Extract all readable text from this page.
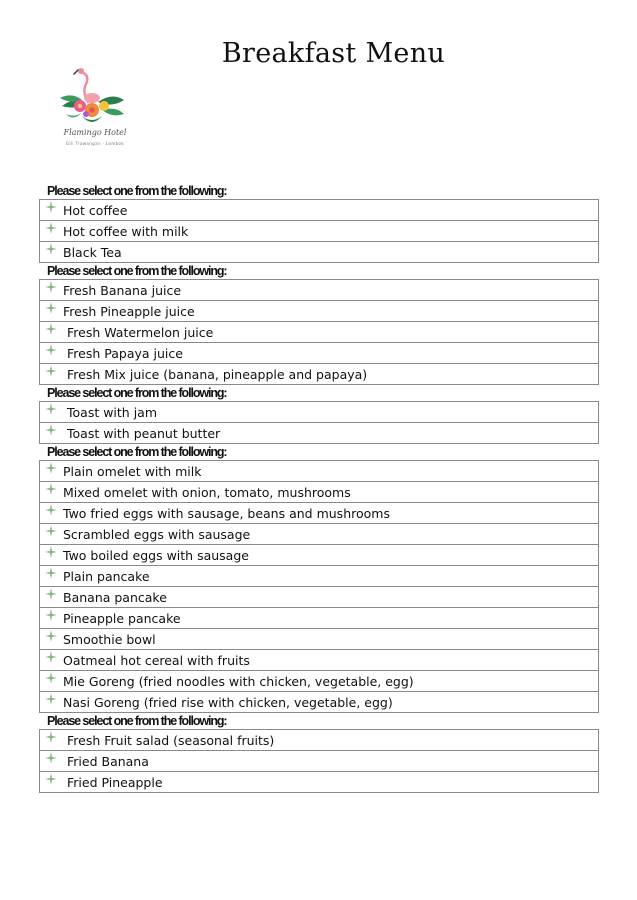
Breakfast Menu
Flamingo Hotel
Gili Trawangan · Lombok
Please select one from the following:
Hot coffee
Hot coffee with milk
Black Tea
Please select one from the following:
Fresh Banana juice
Fresh Pineapple juice
Fresh Watermelon juice
Fresh Papaya juice
Fresh Mix juice (banana, pineapple and papaya)
Please select one from the following:
Toast with jam
Toast with peanut butter
Please select one from the following:
Plain omelet with milk
Mixed omelet with onion, tomato, mushrooms
Two fried eggs with sausage, beans and mushrooms
Scrambled eggs with sausage
Two boiled eggs with sausage
Plain pancake
Banana pancake
Pineapple pancake
Smoothie bowl
Oatmeal hot cereal with fruits
Mie Goreng (fried noodles with chicken, vegetable, egg)
Nasi Goreng (fried rise with chicken, vegetable, egg)
Please select one from the following:
Fresh Fruit salad (seasonal fruits)
Fried Banana
Fried Pineapple
